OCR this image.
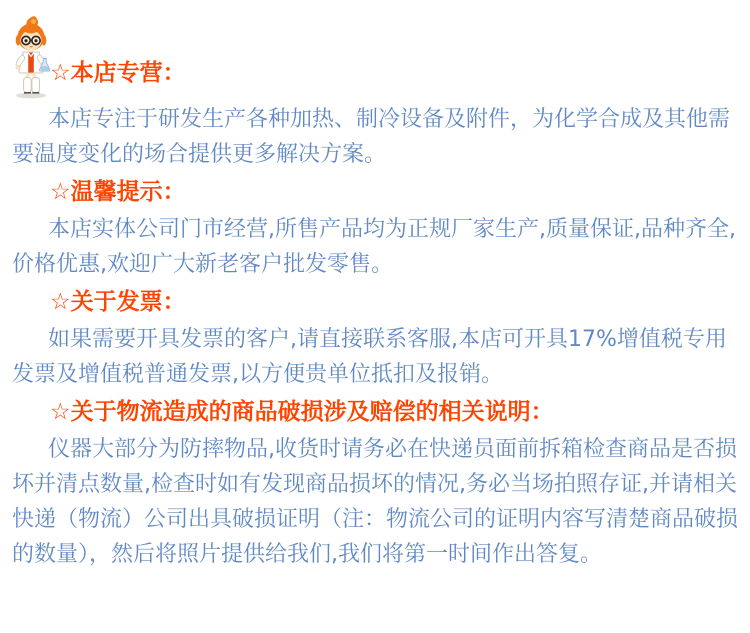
☆本店专营：

本店专注于研发生产各种加热、制冷设备及附件，为化学合成及其他需要温度变化的场合提供更多解决方案。

☆温馨提示：

本店实体公司门市经营,所售产品均为正规厂家生产,质量保证,品种齐全,价格优惠,欢迎广大新老客户批发零售。

☆关于发票：

如果需要开具发票的客户,请直接联系客服,本店可开具17%增值税专用发票及增值税普通发票,以方便贵单位抵扣及报销。

☆关于物流造成的商品破损涉及赔偿的相关说明：

仪器大部分为防摔物品,收货时请务必在快递员面前拆箱检查商品是否损坏并清点数量,检查时如有发现商品损坏的情况,务必当场拍照存证,并请相关快递（物流）公司出具破损证明（注：物流公司的证明内容写清楚商品破损的数量），然后将照片提供给我们,我们将第一时间作出答复。
